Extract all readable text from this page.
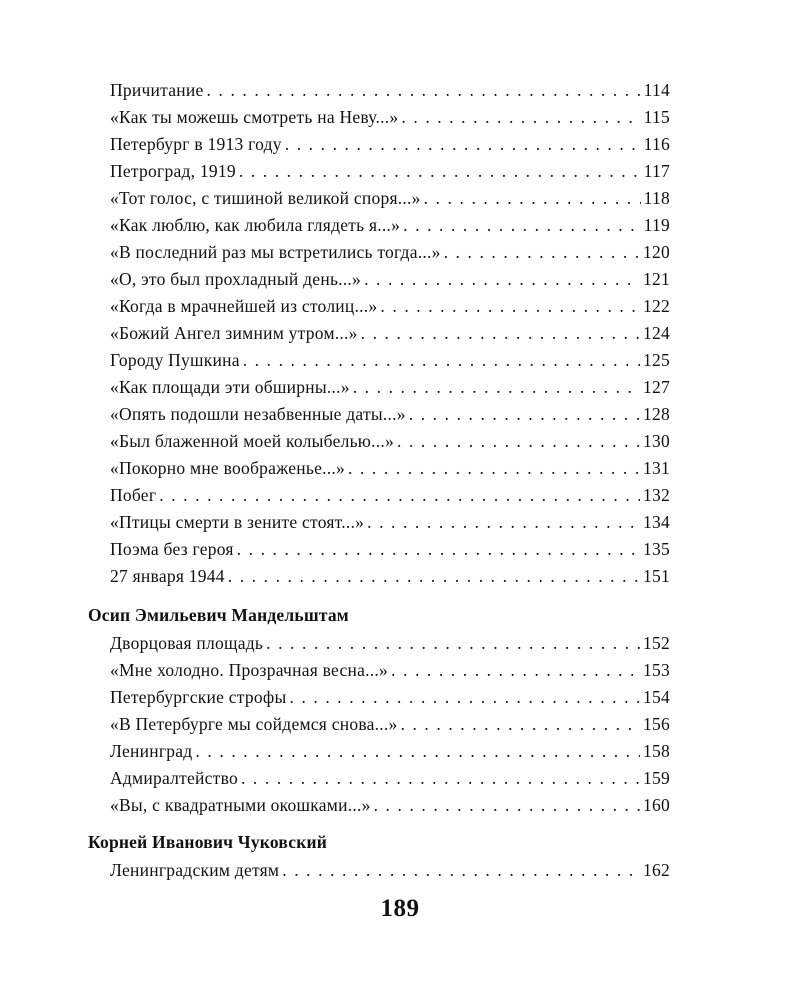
Причитание . . .	114
«Как ты можешь смотреть на Неву...» . . .	115
Петербург в 1913 году . . .	116
Петроград, 1919 . . .	117
«Тот голос, с тишиной великой споря...» . . .	118
«Как люблю, как любила глядеть я...» . . .	119
«В последний раз мы встретились тогда...» . . .	120
«О, это был прохладный день...» . . .	121
«Когда в мрачнейшей из столиц...» . . .	122
«Божий Ангел зимним утром...» . . .	124
Городу Пушкина . . .	125
«Как площади эти обширны...» . . .	127
«Опять подошли незабвенные даты...» . . .	128
«Был блаженной моей колыбелью...» . . .	130
«Покорно мне воображенье...» . . .	131
Побег . . .	132
«Птицы смерти в зените стоят...» . . .	134
Поэма без героя . . .	135
27 января 1944 . . .	151
Осип Эмильевич Мандельштам
Дворцовая площадь . . .	152
«Мне холодно. Прозрачная весна...» . . .	153
Петербургские строфы . . .	154
«В Петербурге мы сойдемся снова...» . . .	156
Ленинград . . .	158
Адмиралтейство . . .	159
«Вы, с квадратными окошками...» . . .	160
Корней Иванович Чуковский
Ленинградским детям . . .	162
189
